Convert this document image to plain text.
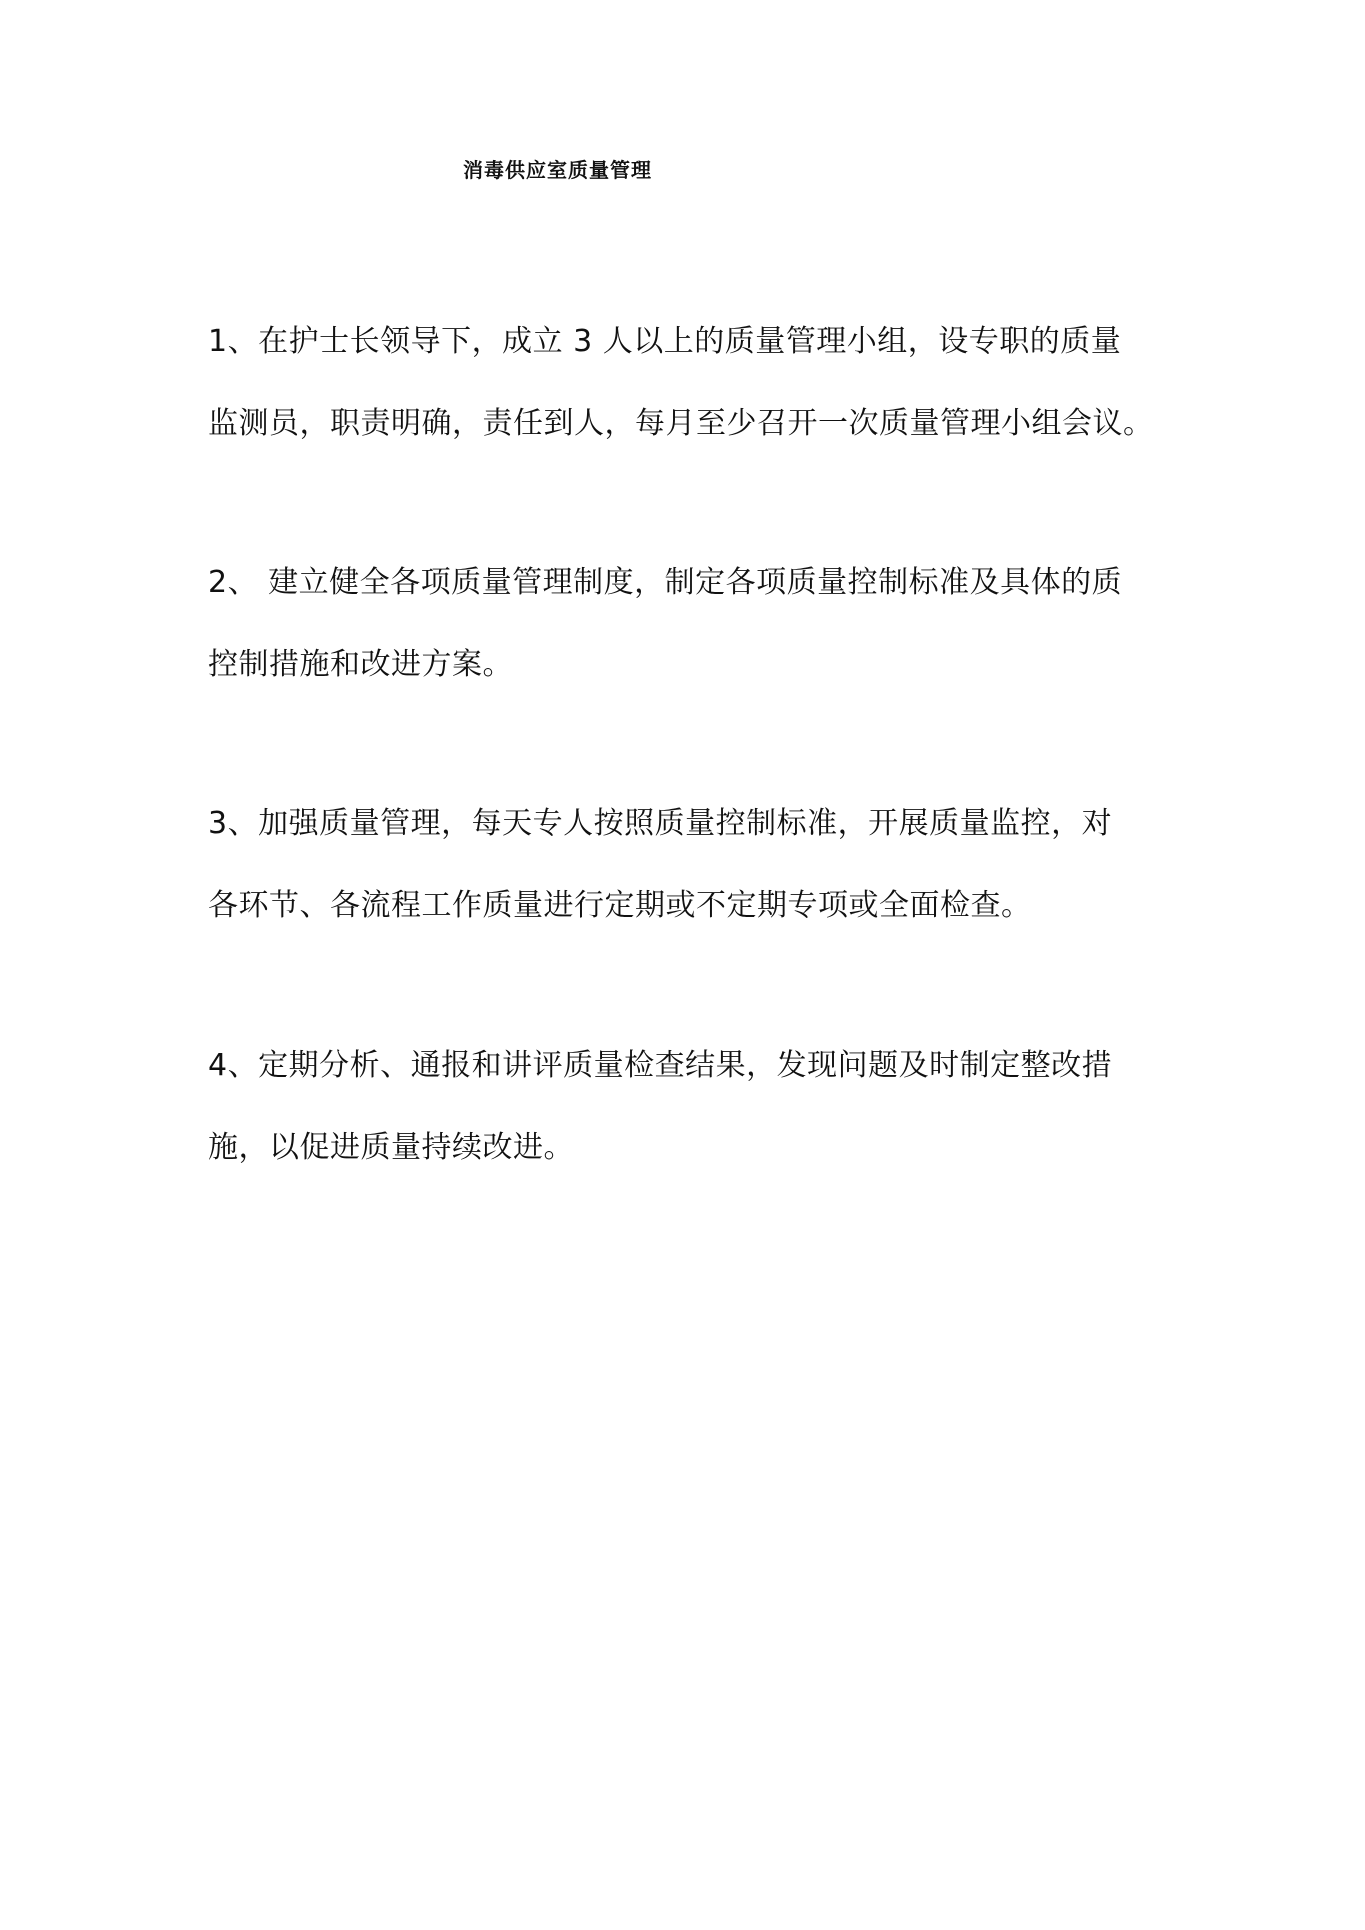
消毒供应室质量管理
1、在护士长领导下，成立 3 人以上的质量管理小组，设专职的质量
监测员，职责明确，责任到人，每月至少召开一次质量管理小组会议。
2、 建立健全各项质量管理制度，制定各项质量控制标准及具体的质
控制措施和改进方案。
3、加强质量管理，每天专人按照质量控制标准，开展质量监控，对
各环节、各流程工作质量进行定期或不定期专项或全面检查。
4、定期分析、通报和讲评质量检查结果，发现问题及时制定整改措
施，以促进质量持续改进。
